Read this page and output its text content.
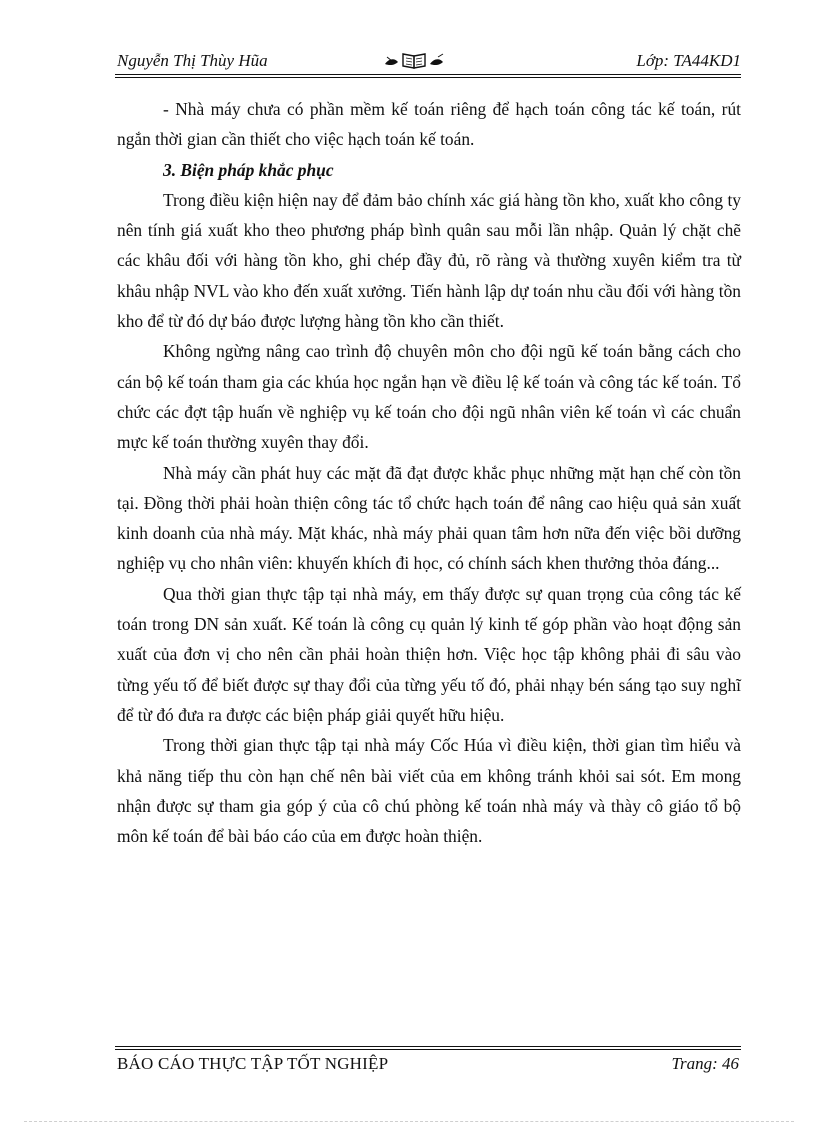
Nguyễn Thị Thùy Hũa	Lớp: TA44KD1

- Nhà máy chưa có phần mềm kế toán riêng để hạch toán công tác kế toán, rút ngắn thời gian cần thiết cho việc hạch toán kế toán.

3. Biện pháp khắc phục

Trong điều kiện hiện nay để đảm bảo chính xác giá hàng tồn kho, xuất kho công ty nên tính giá xuất kho theo phương pháp bình quân sau mỗi lần nhập. Quản lý chặt chẽ các khâu đối với hàng tồn kho, ghi chép đầy đủ, rõ ràng và thường xuyên kiểm tra từ khâu nhập NVL vào kho đến xuất xưởng. Tiến hành lập dự toán nhu cầu đối với hàng tồn kho để từ đó dự báo được lượng hàng tồn kho cần thiết.

Không ngừng nâng cao trình độ chuyên môn cho đội ngũ kế toán bằng cách cho cán bộ kế toán tham gia các khúa học ngắn hạn về điều lệ kế toán và công tác kế toán. Tổ chức các đợt tập huấn về nghiệp vụ kế toán cho đội ngũ nhân viên kế toán vì các chuẩn mực kế toán thường xuyên thay đổi.

Nhà máy cần phát huy các mặt đã đạt được khắc phục những mặt hạn chế còn tồn tại. Đồng thời phải hoàn thiện công tác tổ chức hạch toán để nâng cao hiệu quả sản xuất kinh doanh của nhà máy. Mặt khác, nhà máy phải quan tâm hơn nữa đến việc bồi dưỡng nghiệp vụ cho nhân viên: khuyến khích đi học, có chính sách khen thưởng thỏa đáng...

Qua thời gian thực tập tại nhà máy, em thấy được sự quan trọng của công tác kế toán trong DN sản xuất. Kế toán là công cụ quản lý kinh tế góp phần vào hoạt động sản xuất của đơn vị cho nên cần phải hoàn thiện hơn. Việc học tập không phải đi sâu vào từng yếu tố để biết được sự thay đổi của từng yếu tố đó, phải nhạy bén sáng tạo suy nghĩ để từ đó đưa ra được các biện pháp giải quyết hữu hiệu.

Trong thời gian thực tập tại nhà máy Cốc Húa vì điều kiện, thời gian tìm hiểu và khả năng tiếp thu còn hạn chế nên bài viết của em không tránh khỏi sai sót. Em mong nhận được sự tham gia góp ý của cô chú phòng kế toán nhà máy và thày cô giáo tổ bộ môn kế toán để bài báo cáo của em được hoàn thiện.

BÁO CÁO THỰC TẬP TỐT NGHIỆP	Trang: 46
